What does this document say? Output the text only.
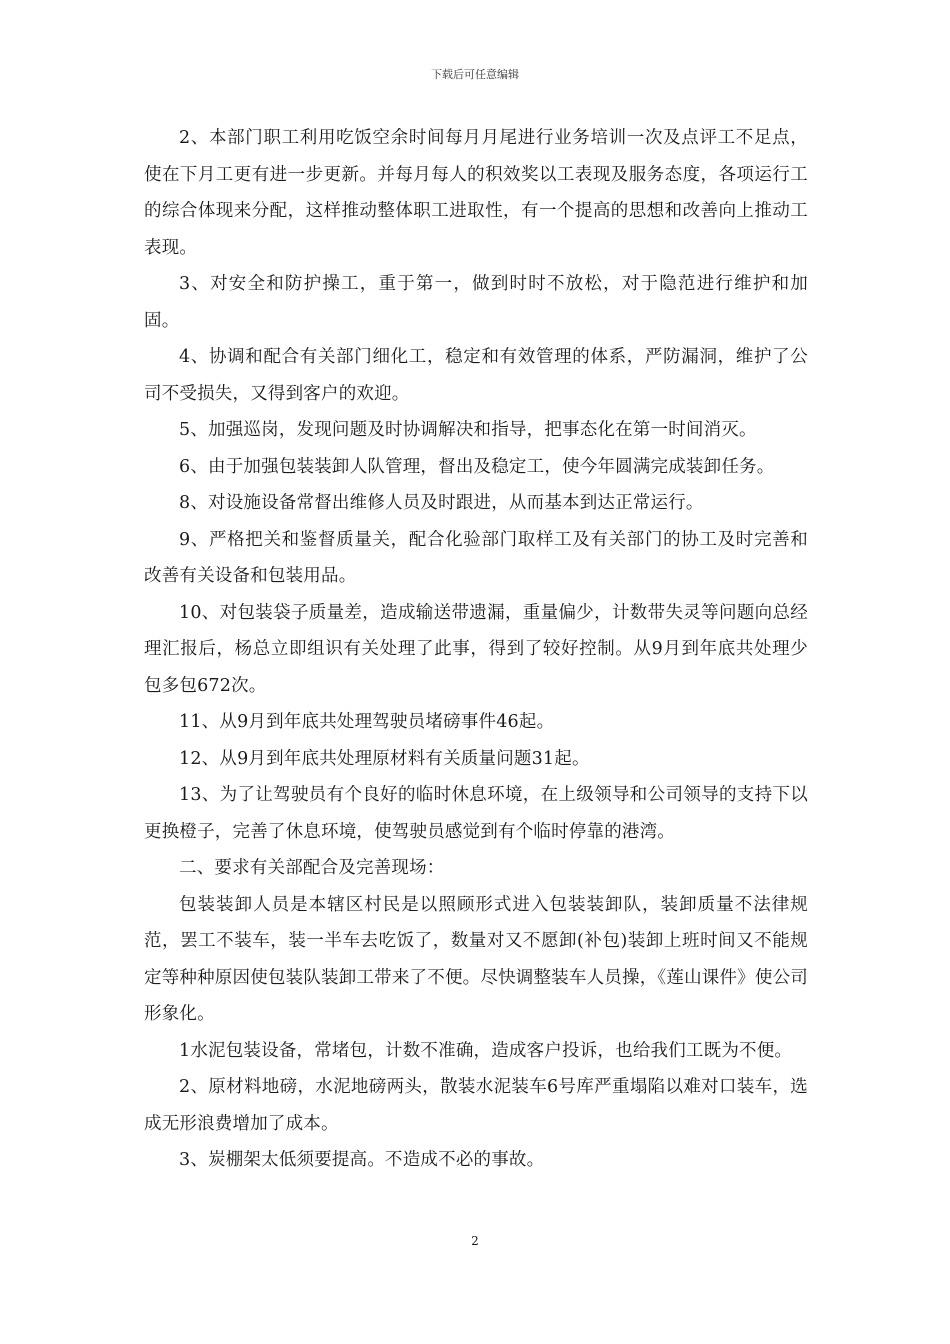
下载后可任意编辑

2、本部门职工利用吃饭空余时间每月月尾进行业务培训一次及点评工不足点，使在下月工更有进一步更新。并每月每人的积效奖以工表现及服务态度，各项运行工的综合体现来分配，这样推动整体职工进取性，有一个提高的思想和改善向上推动工表现。

3、对安全和防护操工，重于第一，做到时时不放松，对于隐范进行维护和加固。

4、协调和配合有关部门细化工，稳定和有效管理的体系，严防漏洞，维护了公司不受损失，又得到客户的欢迎。

5、加强巡岗，发现问题及时协调解决和指导，把事态化在第一时间消灭。

6、由于加强包装装卸人队管理，督出及稳定工，使今年圆满完成装卸任务。

8、对设施设备常督出维修人员及时跟进，从而基本到达正常运行。

9、严格把关和鉴督质量关，配合化验部门取样工及有关部门的协工及时完善和改善有关设备和包装用品。

10、对包装袋子质量差，造成输送带遗漏，重量偏少，计数带失灵等问题向总经理汇报后，杨总立即组识有关处理了此事，得到了较好控制。从9月到年底共处理少包多包672次。

11、从9月到年底共处理驾驶员堵磅事件46起。

12、从9月到年底共处理原材料有关质量问题31起。

13、为了让驾驶员有个良好的临时休息环境，在上级领导和公司领导的支持下以更换橙子，完善了休息环境，使驾驶员感觉到有个临时停靠的港湾。

二、要求有关部配合及完善现场：

包装装卸人员是本辖区村民是以照顾形式进入包装装卸队，装卸质量不法律规范，罢工不装车，装一半车去吃饭了，数量对又不愿卸(补包)装卸上班时间又不能规定等种种原因使包装队装卸工带来了不便。尽快调整装车人员操，《莲山课件》使公司形象化。

1水泥包装设备，常堵包，计数不准确，造成客户投诉，也给我们工既为不便。

2、原材料地磅，水泥地磅两头，散装水泥装车6号库严重塌陷以难对口装车，选成无形浪费增加了成本。

3、炭棚架太低须要提高。不造成不必的事故。

2
